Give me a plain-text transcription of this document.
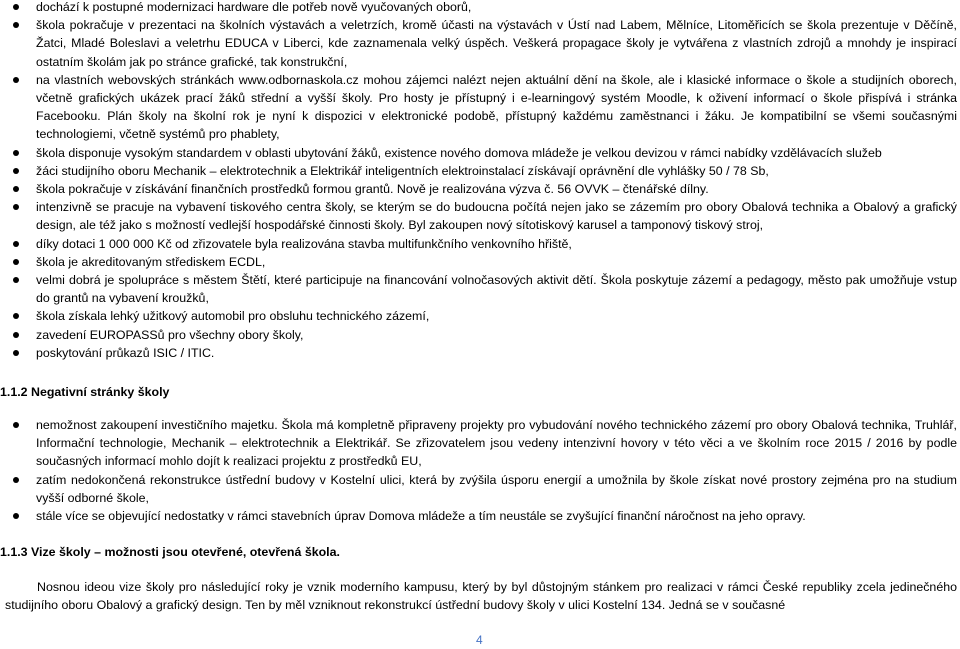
dochází k postupné modernizaci hardware dle potřeb nově vyučovaných oborů,
škola pokračuje v prezentaci na školních výstavách a veletrzích, kromě účasti na výstavách v Ústí nad Labem, Mělníce, Litoměřicích se škola prezentuje v Děčíně, Žatci, Mladé Boleslavi a veletrhu EDUCA v Liberci, kde zaznamenala velký úspěch. Veškerá propagace školy je vytvářena z vlastních zdrojů a mnohdy je inspirací ostatním školám jak po stránce grafické, tak konstrukční,
na vlastních webovských stránkách www.odbornaskola.cz mohou zájemci nalézt nejen aktuální dění na škole, ale i klasické informace o škole a studijních oborech, včetně grafických ukázek prací žáků střední a vyšší školy. Pro hosty je přístupný i e-learningový systém Moodle, k oživení informací o škole přispívá i stránka Facebooku. Plán školy na školní rok je nyní k dispozici v elektronické podobě, přístupný každému zaměstnanci i žáku. Je kompatibilní se všemi současnými technologiemi, včetně systémů pro phablety,
škola disponuje vysokým standardem v oblasti ubytování žáků, existence nového domova mládeže je velkou devizou v rámci nabídky vzdělávacích služeb
žáci studijního oboru Mechanik – elektrotechnik a Elektrikář inteligentních elektroinstalací získávají oprávnění dle vyhlášky 50 / 78 Sb,
škola pokračuje v získávání finančních prostředků formou grantů. Nově je realizována výzva č. 56 OVVK – čtenářské dílny.
intenzivně se pracuje na vybavení tiskového centra školy, se kterým se do budoucna počítá nejen jako se zázemím pro obory Obalová technika a Obalový a grafický design, ale též jako s možností vedlejší hospodářské činnosti školy. Byl zakoupen nový sítotiskový karusel a tamponový tiskový stroj,
díky dotaci 1 000 000 Kč od zřizovatele byla realizována stavba multifunkčního venkovního hřiště,
škola je akreditovaným střediskem ECDL,
velmi dobrá je spolupráce s městem Štětí, které participuje na financování volnočasových aktivit dětí. Škola poskytuje zázemí a pedagogy, město pak umožňuje vstup do grantů na vybavení kroužků,
škola získala lehký užitkový automobil pro obsluhu technického zázemí,
zavedení EUROPASSů pro všechny obory školy,
poskytování průkazů ISIC / ITIC.
1.1.2 Negativní stránky školy
nemožnost zakoupení investičního majetku. Škola má kompletně připraveny projekty pro vybudování nového technického zázemí pro obory Obalová technika, Truhlář, Informační technologie, Mechanik – elektrotechnik a Elektrikář. Se zřizovatelem jsou vedeny intenzivní hovory v této věci a ve školním roce 2015 / 2016 by podle současných informací mohlo dojít k realizaci projektu z prostředků EU,
zatím nedokončená rekonstrukce ústřední budovy v Kostelní ulici, která by zvýšila úsporu energií a umožnila by škole získat nové prostory zejména pro na studium vyšší odborné škole,
stále více se objevující nedostatky v rámci stavebních úprav Domova mládeže a tím neustále se zvyšující finanční náročnost na jeho opravy.
1.1.3 Vize školy – možnosti jsou otevřené, otevřená škola.
Nosnou ideou vize školy pro následující roky je vznik moderního kampusu, který by byl důstojným stánkem pro realizaci v rámci České republiky zcela jedinečného studijního oboru Obalový a grafický design. Ten by měl vzniknout rekonstrukcí ústřední budovy školy v ulici Kostelní 134. Jedná se v současné
4
